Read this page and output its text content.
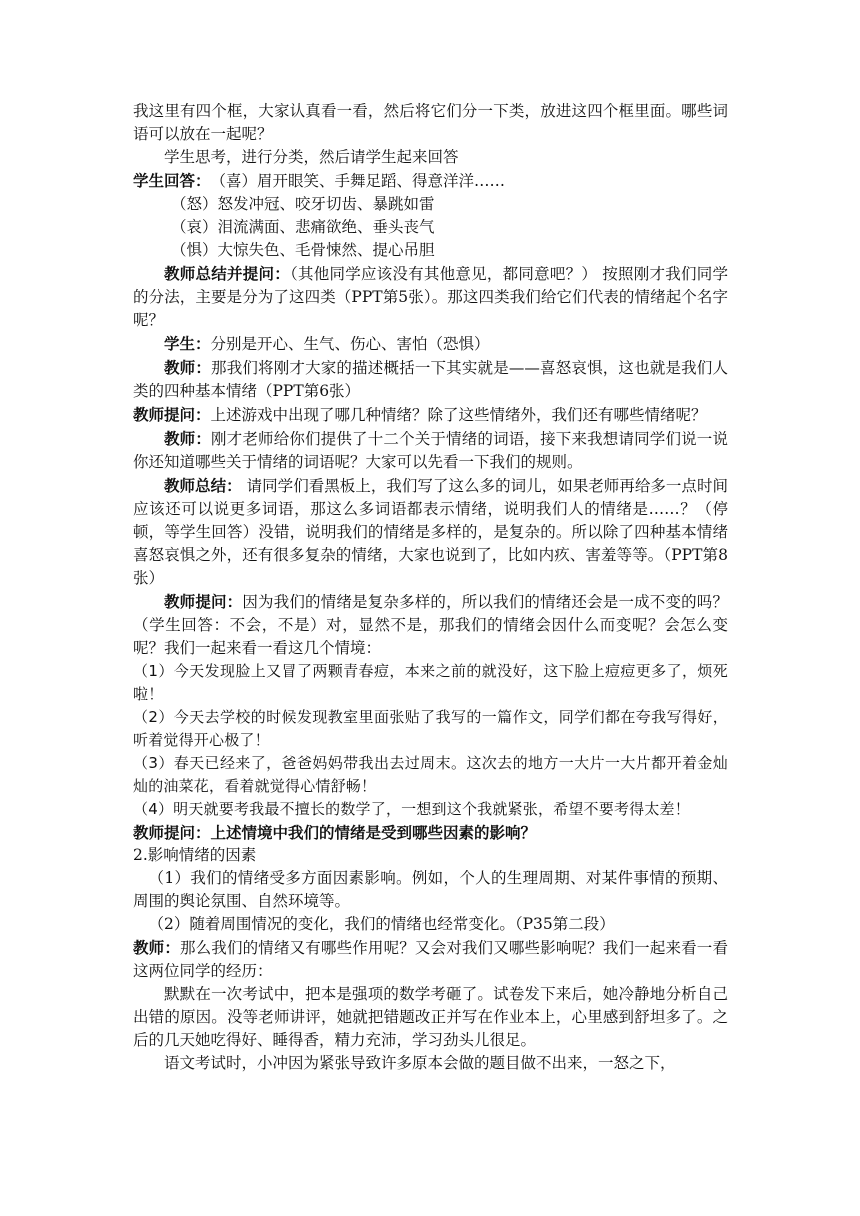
我这里有四个框，大家认真看一看，然后将它们分一下类，放进这四个框里面。哪些词语可以放在一起呢？

学生思考，进行分类，然后请学生起来回答

学生回答：　（喜）眉开眼笑、手舞足蹈、得意洋洋……

（怒）怒发冲冠、咬牙切齿、暴跳如雷

（哀）泪流满面、悲痛欲绝、垂头丧气

（惧）大惊失色、毛骨悚然、提心吊胆

教师总结并提问：（其他同学应该没有其他意见，都同意吧？） 按照刚才我们同学的分法，主要是分为了这四类（PPT第5张）。那这四类我们给它们代表的情绪起个名字呢？

学生：分别是开心、生气、伤心、害怕（恐惧）

教师：那我们将刚才大家的描述概括一下其实就是——喜怒哀惧，这也就是我们人类的四种基本情绪（PPT第6张）

教师提问：上述游戏中出现了哪几种情绪？除了这些情绪外，我们还有哪些情绪呢？

教师：刚才老师给你们提供了十二个关于情绪的词语，接下来我想请同学们说一说你还知道哪些关于情绪的词语呢？大家可以先看一下我们的规则。

教师总结： 请同学们看黑板上，我们写了这么多的词儿，如果老师再给多一点时间应该还可以说更多词语，那这么多词语都表示情绪，说明我们人的情绪是……？（停顿，等学生回答）没错，说明我们的情绪是多样的，是复杂的。所以除了四种基本情绪喜怒哀惧之外，还有很多复杂的情绪，大家也说到了，比如内疚、害羞等等。（PPT第8张）

教师提问：因为我们的情绪是复杂多样的，所以我们的情绪还会是一成不变的吗？（学生回答：不会，不是）对，显然不是，那我们的情绪会因什么而变呢？会怎么变呢？我们一起来看一看这几个情境：

（1）今天发现脸上又冒了两颗青春痘，本来之前的就没好，这下脸上痘痘更多了，烦死啦！

（2）今天去学校的时候发现教室里面张贴了我写的一篇作文，同学们都在夸我写得好，听着觉得开心极了！

（3）春天已经来了，爸爸妈妈带我出去过周末。这次去的地方一大片一大片都开着金灿灿的油菜花，看着就觉得心情舒畅！

（4）明天就要考我最不擅长的数学了，一想到这个我就紧张，希望不要考得太差！

教师提问：上述情境中我们的情绪是受到哪些因素的影响？

2.影响情绪的因素

（1）我们的情绪受多方面因素影响。例如，个人的生理周期、对某件事情的预期、周围的舆论氛围、自然环境等。

（2）随着周围情况的变化，我们的情绪也经常变化。（P35第二段）

教师：那么我们的情绪又有哪些作用呢？又会对我们又哪些影响呢？我们一起来看一看这两位同学的经历：

默默在一次考试中，把本是强项的数学考砸了。试卷发下来后，她冷静地分析自己出错的原因。没等老师讲评，她就把错题改正并写在作业本上，心里感到舒坦多了。之后的几天她吃得好、睡得香，精力充沛，学习劲头儿很足。

语文考试时，小冲因为紧张导致许多原本会做的题目做不出来，一怒之下，
